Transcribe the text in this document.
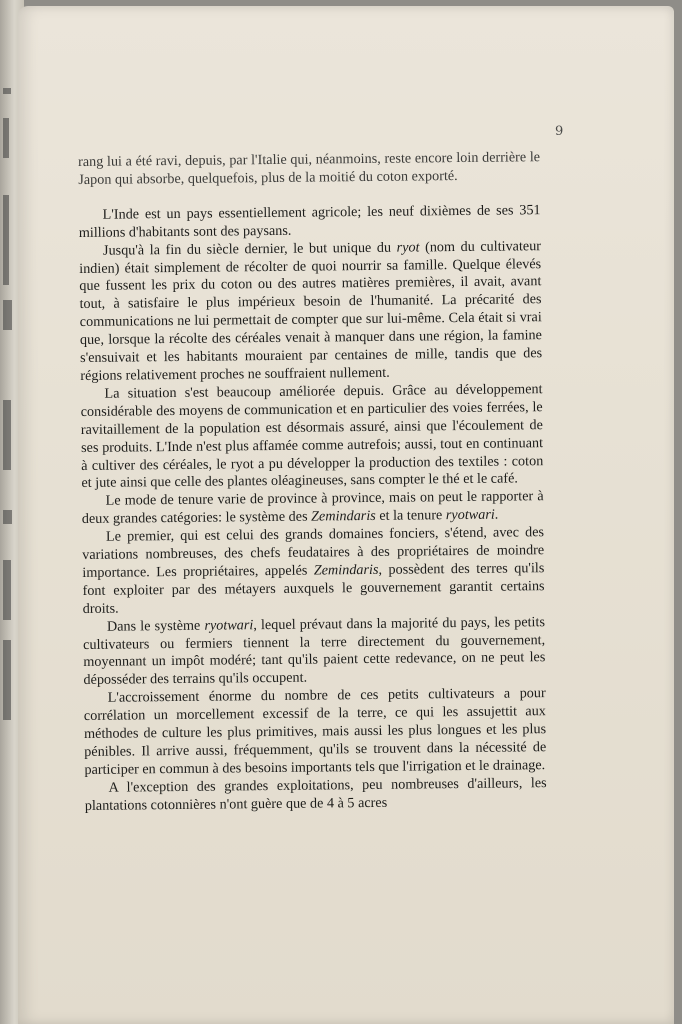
9

rang lui a été ravi, depuis, par l'Italie qui, néanmoins, reste encore loin derrière le Japon qui absorbe, quelquefois, plus de la moitié du coton exporté.

L'Inde est un pays essentiellement agricole; les neuf dixièmes de ses 351 millions d'habitants sont des paysans.

Jusqu'à la fin du siècle dernier, le but unique du ryot (nom du cultivateur indien) était simplement de récolter de quoi nourrir sa famille. Quelque élevés que fussent les prix du coton ou des autres matières premières, il avait, avant tout, à satisfaire le plus impérieux besoin de l'humanité. La précarité des communications ne lui permettait de compter que sur lui-même. Cela était si vrai que, lorsque la récolte des céréales venait à manquer dans une région, la famine s'ensuivait et les habitants mouraient par centaines de mille, tandis que des régions relativement proches ne souffraient nullement.

La situation s'est beaucoup améliorée depuis. Grâce au développement considérable des moyens de communication et en particulier des voies ferrées, le ravitaillement de la population est désormais assuré, ainsi que l'écoulement de ses produits. L'Inde n'est plus affamée comme autrefois; aussi, tout en continuant à cultiver des céréales, le ryot a pu développer la production des textiles : coton et jute ainsi que celle des plantes oléagineuses, sans compter le thé et le café.

Le mode de tenure varie de province à province, mais on peut le rapporter à deux grandes catégories: le système des Zemindaris et la tenure ryotwari.

Le premier, qui est celui des grands domaines fonciers, s'étend, avec des variations nombreuses, des chefs feudataires à des propriétaires de moindre importance. Les propriétaires, appelés Zemindaris, possèdent des terres qu'ils font exploiter par des métayers auxquels le gouvernement garantit certains droits.

Dans le système ryotwari, lequel prévaut dans la majorité du pays, les petits cultivateurs ou fermiers tiennent la terre directement du gouvernement, moyennant un impôt modéré; tant qu'ils paient cette redevance, on ne peut les déposséder des terrains qu'ils occupent.

L'accroissement énorme du nombre de ces petits cultivateurs a pour corrélation un morcellement excessif de la terre, ce qui les assujettit aux méthodes de culture les plus primitives, mais aussi les plus longues et les plus pénibles. Il arrive aussi, fréquemment, qu'ils se trouvent dans la nécessité de participer en commun à des besoins importants tels que l'irrigation et le drainage.

A l'exception des grandes exploitations, peu nombreuses d'ailleurs, les plantations cotonnières n'ont guère que de 4 à 5 acres
